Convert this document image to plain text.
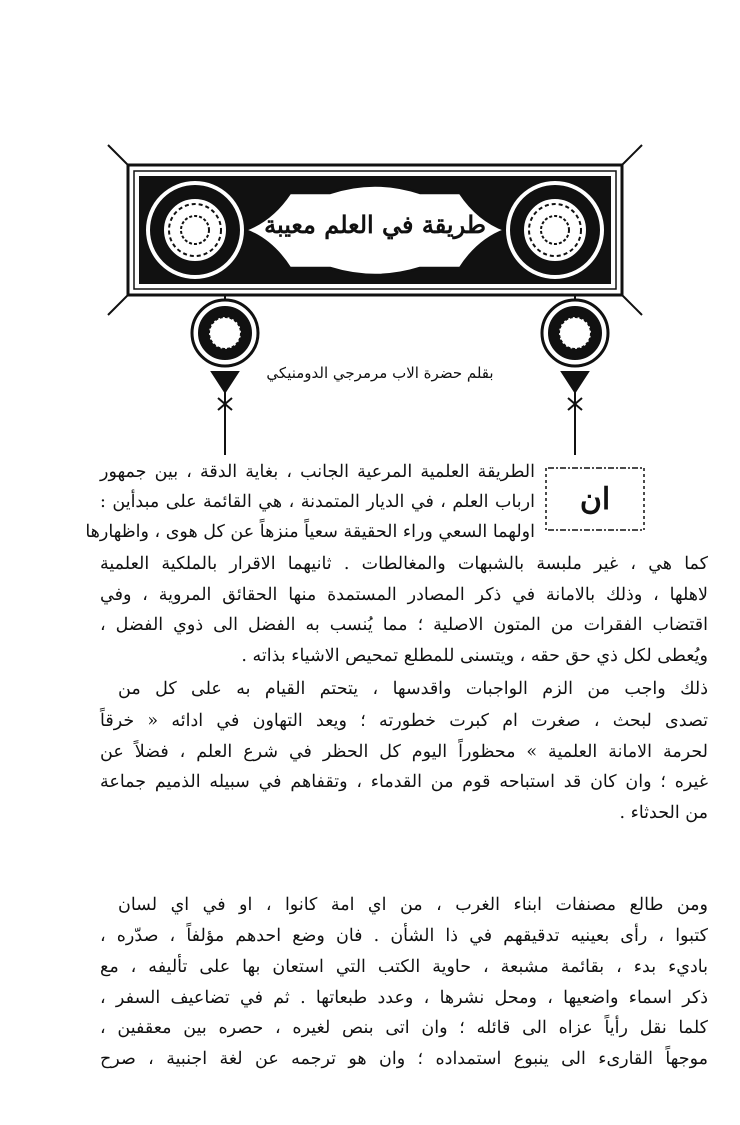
طريقة في العلم معيبة
بقلم حضرة الاب مرمرجي الدومنيكي
ان
الطريقة العلمية المرعية الجانب ، بغاية الدقة ، بين جمهور
ارباب العلم ، في الديار المتمدنة ، هي القائمة على مبدأين :
اولهما السعي وراء الحقيقة سعياً منزهاً عن كل هوى ، واظهارها
كما هي ، غير ملبسة بالشبهات والمغالطات . ثانيهما الاقرار بالملكية العلمية
لاهلها ، وذلك بالامانة في ذكر المصادر المستمدة منها الحقائق المروية ، وفي
اقتضاب الفقرات من المتون الاصلية ؛ مما يُنسب به الفضل الى ذوي الفضل ،
ويُعطى لكل ذي حق حقه ، ويتسنى للمطلع تمحيص الاشياء بذاته .
ذلك واجب من الزم الواجبات واقدسها ، يتحتم القيام به على كل من
تصدى لبحث ، صغرت ام كبرت خطورته ؛ ويعد التهاون في ادائه « خرقاً
لحرمة الامانة العلمية » محظوراً اليوم كل الحظر في شرع العلم ، فضلاً عن
غيره ؛ وان كان قد استباحه قوم من القدماء ، وتقفاهم في سبيله الذميم جماعة
من الحدثاء .
ومن طالع مصنفات ابناء الغرب ، من اي امة كانوا ، او في اي لسان
كتبوا ، رأى بعينيه تدقيقهم في ذا الشأن . فان وضع احدهم مؤلفاً ، صدّره ،
باديء بدء ، بقائمة مشبعة ، حاوية الكتب التي استعان بها على تأليفه ، مع
ذكر اسماء واضعيها ، ومحل نشرها ، وعدد طبعاتها . ثم في تضاعيف السفر ،
كلما نقل رأياً عزاه الى قائله ؛ وان اتى بنص لغيره ، حصره بين معقفين ،
موجهاً القارىء الى ينبوع استمداده ؛ وان هو ترجمه عن لغة اجنبية ، صرح
